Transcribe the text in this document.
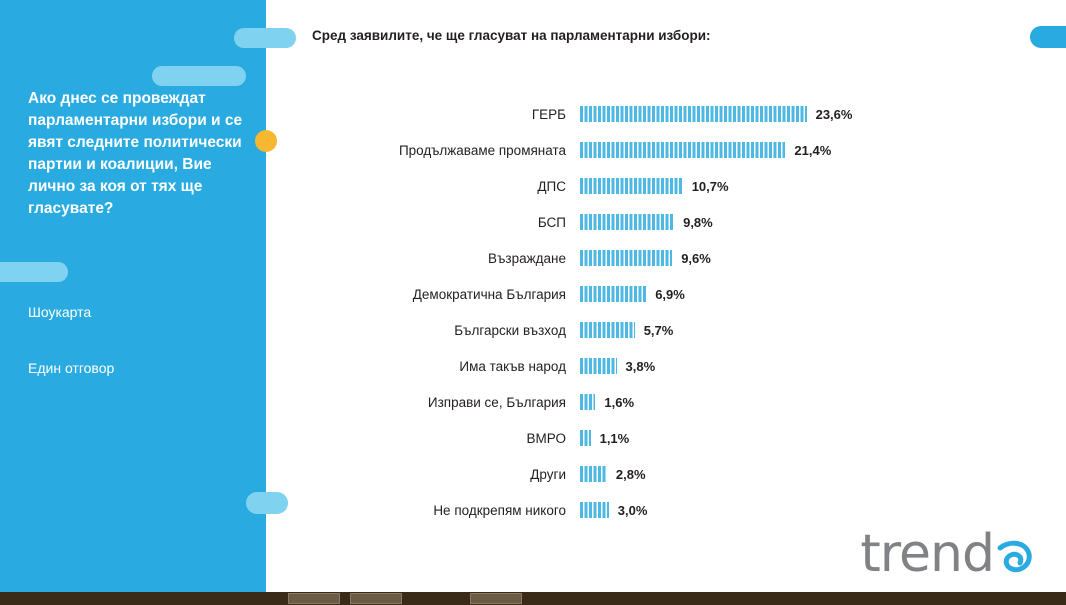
Ако днес се провеждат парламентарни избори и се явят следните политически партии и коалиции, Вие лично за коя от тях ще гласувате?
Шоукарта
Един отговор
Сред заявилите, че ще гласуват на парламентарни избори:
ГЕРБ	23,6%
Продължаваме промяната	21,4%
ДПС	10,7%
БСП	9,8%
Възраждане	9,6%
Демократична България	6,9%
Български възход	5,7%
Има такъв народ	3,8%
Изправи се, България	1,6%
ВМРО	1,1%
Други	2,8%
Не подкрепям никого	3,0%
trend
